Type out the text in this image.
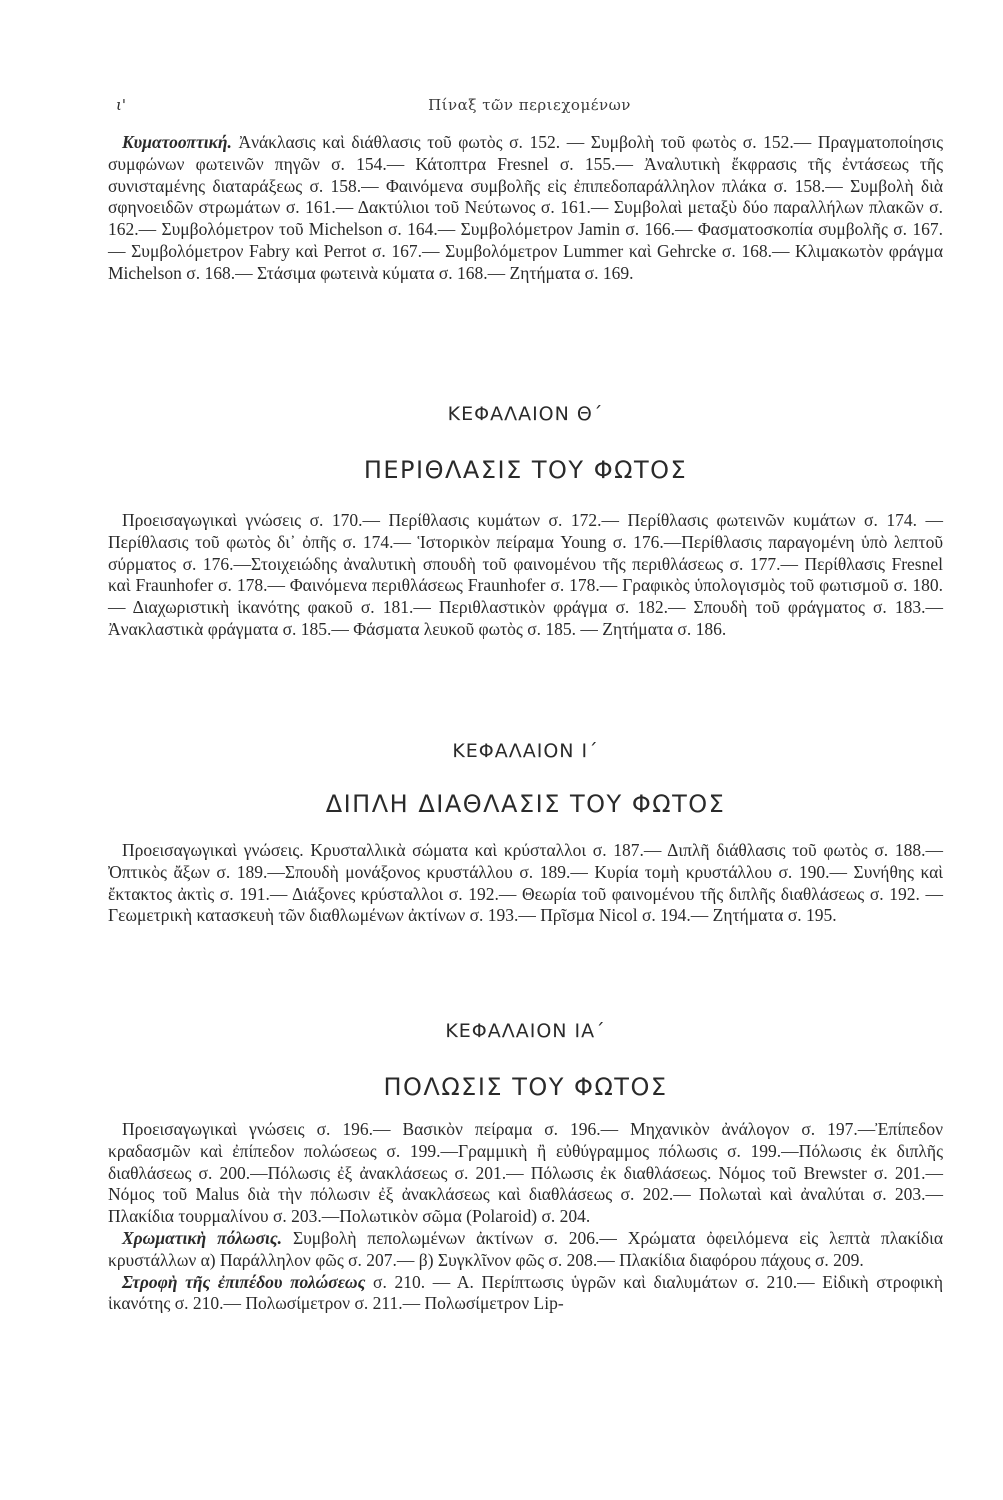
ι'	Πίναξ τῶν περιεχομένων

Κυματοοπτική. Ἀνάκλασις καὶ διάθλασις τοῦ φωτὸς σ. 152. — Συμβολὴ τοῦ φωτὸς σ. 152.— Πραγματοποίησις συμφώνων φωτεινῶν πηγῶν σ. 154.— Κάτοπτρα Fresnel σ. 155.— Ἀναλυτικὴ ἔκφρασις τῆς ἐντάσεως τῆς συνισταμένης διαταράξεως σ. 158.— Φαινόμενα συμβολῆς εἰς ἐπιπεδοπαράλληλον πλάκα σ. 158.— Συμβολὴ διὰ σφηνοειδῶν στρωμάτων σ. 161.— Δακτύλιοι τοῦ Νεύτωνος σ. 161.— Συμβολαὶ μεταξὺ δύο παραλλήλων πλακῶν σ. 162.— Συμβολόμετρον τοῦ Michelson σ. 164.— Συμβολόμετρον Jamin σ. 166.— Φασματοσκοπία συμβολῆς σ. 167.— Συμβολόμετρον Fabry καὶ Perrot σ. 167.— Συμβολόμετρον Lummer καὶ Gehrcke σ. 168.— Κλιμακωτὸν φράγμα Michelson σ. 168.— Στάσιμα φωτεινὰ κύματα σ. 168.— Ζητήματα σ. 169.

ΚΕΦΑΛΑΙΟΝ Θ΄
ΠΕΡΙΘΛΑΣΙΣ ΤΟΥ ΦΩΤΟΣ

Προεισαγωγικαὶ γνώσεις σ. 170.— Περίθλασις κυμάτων σ. 172.— Περίθλασις φωτεινῶν κυμάτων σ. 174. — Περίθλασις τοῦ φωτὸς δι᾿ ὀπῆς σ. 174.— Ἱστορικὸν πείραμα Young σ. 176.—Περίθλασις παραγομένη ὑπὸ λεπτοῦ σύρματος σ. 176.—Στοιχειώδης ἀναλυτικὴ σπουδὴ τοῦ φαινομένου τῆς περιθλάσεως σ. 177.— Περίθλασις Fresnel καὶ Fraunhofer σ. 178.— Φαινόμενα περιθλάσεως Fraunhofer σ. 178.— Γραφικὸς ὑπολογισμὸς τοῦ φωτισμοῦ σ. 180.— Διαχωριστικὴ ἱκανότης φακοῦ σ. 181.— Περιθλαστικὸν φράγμα σ. 182.— Σπουδὴ τοῦ φράγματος σ. 183.— Ἀνακλαστικὰ φράγματα σ. 185.— Φάσματα λευκοῦ φωτὸς σ. 185. — Ζητήματα σ. 186.

ΚΕΦΑΛΑΙΟΝ Ι΄
ΔΙΠΛΗ ΔΙΑΘΛΑΣΙΣ ΤΟΥ ΦΩΤΟΣ

Προεισαγωγικαὶ γνώσεις. Κρυσταλλικὰ σώματα καὶ κρύσταλλοι σ. 187.— Διπλῆ διάθλασις τοῦ φωτὸς σ. 188.—Ὀπτικὸς ἄξων σ. 189.—Σπουδὴ μονάξονος κρυστάλλου σ. 189.— Κυρία τομὴ κρυστάλλου σ. 190.— Συνήθης καὶ ἔκτακτος ἀκτὶς σ. 191.— Διάξονες κρύσταλλοι σ. 192.— Θεωρία τοῦ φαινομένου τῆς διπλῆς διαθλάσεως σ. 192. — Γεωμετρικὴ κατασκευὴ τῶν διαθλωμένων ἀκτίνων σ. 193.— Πρῖσμα Nicol σ. 194.— Ζητήματα σ. 195.

ΚΕΦΑΛΑΙΟΝ ΙΑ΄
ΠΟΛΩΣΙΣ ΤΟΥ ΦΩΤΟΣ

Προεισαγωγικαὶ γνώσεις σ. 196.— Βασικὸν πείραμα σ. 196.— Μηχανικὸν ἀνάλογον σ. 197.—Ἐπίπεδον κραδασμῶν καὶ ἐπίπεδον πολώσεως σ. 199.—Γραμμικὴ ἢ εὐθύγραμμος πόλωσις σ. 199.—Πόλωσις ἐκ διπλῆς διαθλάσεως σ. 200.—Πόλωσις ἐξ ἀνακλάσεως σ. 201.— Πόλωσις ἐκ διαθλάσεως. Νόμος τοῦ Brewster σ. 201.— Νόμος τοῦ Malus διὰ τὴν πόλωσιν ἐξ ἀνακλάσεως καὶ διαθλάσεως σ. 202.— Πολωταὶ καὶ ἀναλύται σ. 203.— Πλακίδια τουρμαλίνου σ. 203.—Πολωτικὸν σῶμα (Polaroid) σ. 204.

Χρωματικὴ πόλωσις. Συμβολὴ πεπολωμένων ἀκτίνων σ. 206.— Χρώματα ὀφειλόμενα εἰς λεπτὰ πλακίδια κρυστάλλων α) Παράλληλον φῶς σ. 207.— β) Συγκλῖνον φῶς σ. 208.— Πλακίδια διαφόρου πάχους σ. 209.

Στροφὴ τῆς ἐπιπέδου πολώσεως σ. 210. — Α. Περίπτωσις ὑγρῶν καὶ διαλυμάτων σ. 210.— Εἰδικὴ στροφικὴ ἱκανότης σ. 210.— Πολωσίμετρον σ. 211.— Πολωσίμετρον Lip-
